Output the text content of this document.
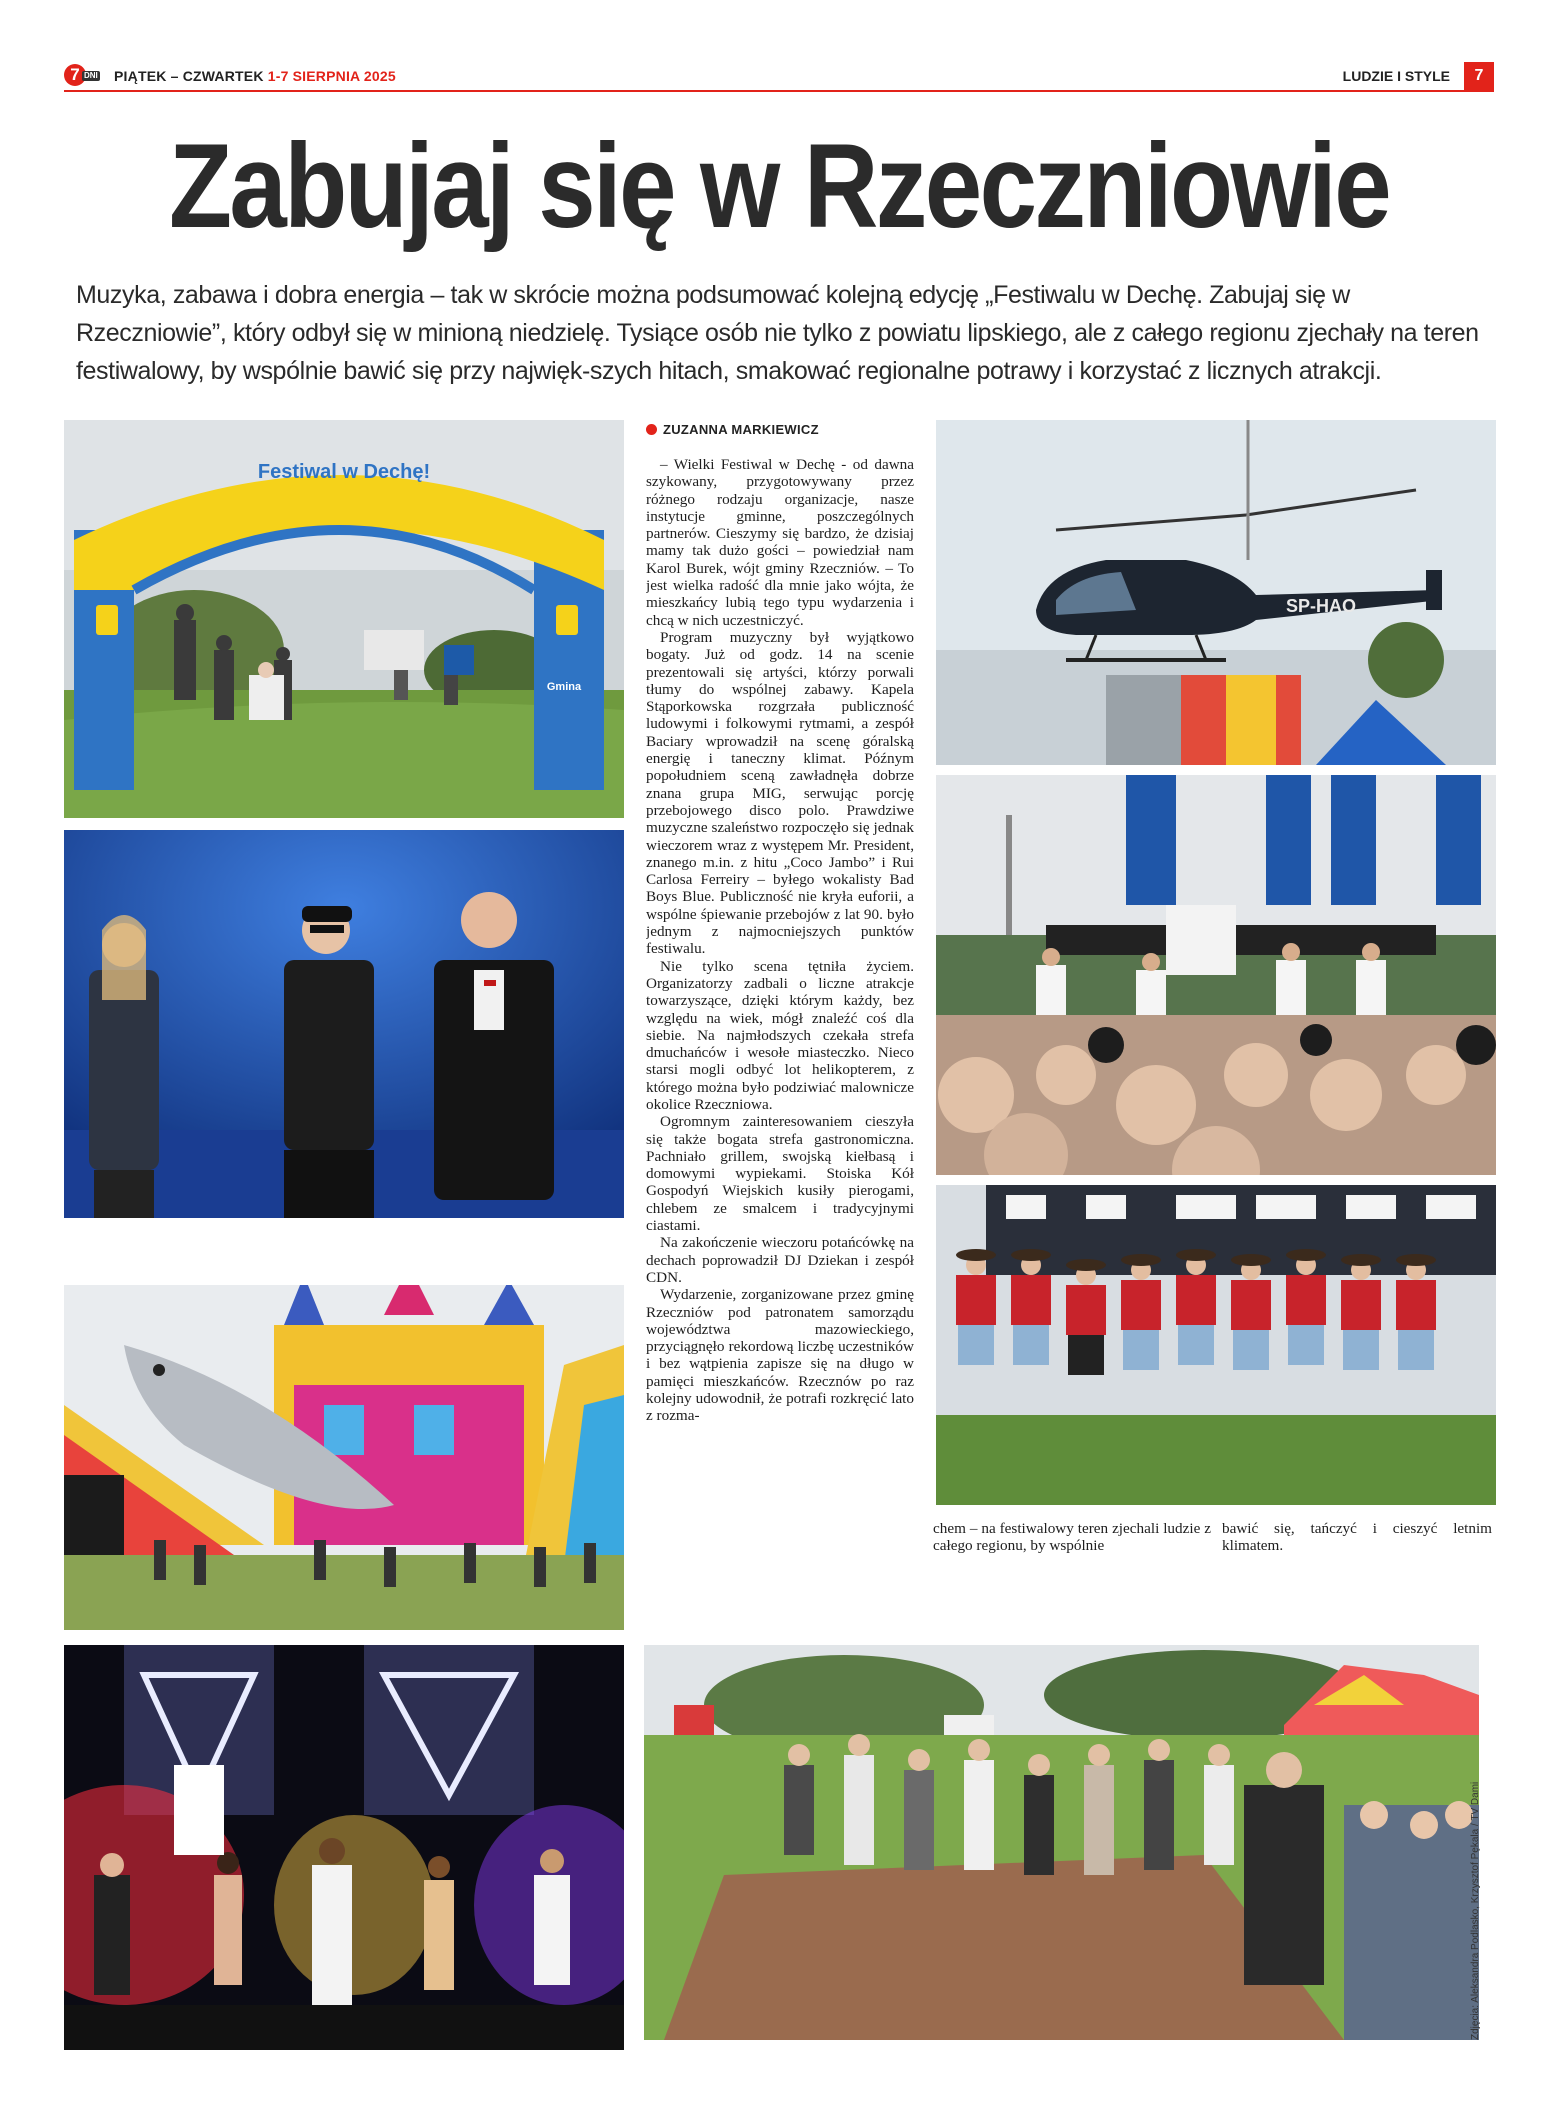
7 DNI PIĄTEK – CZWARTEK 1-7 SIERPNIA 2025	LUDZIE I STYLE	7
Zabujaj się w Rzeczniowie
Muzyka, zabawa i dobra energia – tak w skrócie można podsumować kolejną edycję „Festiwalu w Dechę. Zabujaj się w Rzeczniowie”, który odbył się w minioną niedzielę. Tysiące osób nie tylko z powiatu lipskiego, ale z całego regionu zjechały na teren festiwalowy, by wspólnie bawić się przy najwięk-szych hitach, smakować regionalne potrawy i korzystać z licznych atrakcji.
ZUZANNA MARKIEWICZ

– Wielki Festiwal w Dechę - od dawna szykowany, przygotowywany przez różnego rodzaju organizacje, nasze instytucje gminne, poszczególnych partnerów. Cieszymy się bardzo, że dzisiaj mamy tak dużo gości – powiedział nam Karol Burek, wójt gminy Rzeczniów. – To jest wielka radość dla mnie jako wójta, że mieszkańcy lubią tego typu wydarzenia i chcą w nich uczestniczyć.

Program muzyczny był wyjątkowo bogaty. Już od godz. 14 na scenie prezentowali się artyści, którzy porwali tłumy do wspólnej zabawy. Kapela Stąporkowska rozgrzała publiczność ludowymi i folkowymi rytmami, a zespół Baciary wprowadził na scenę góralską energię i taneczny klimat. Późnym popołudniem sceną zawładnęła dobrze znana grupa MIG, serwując porcję przebojowego disco polo. Prawdziwe muzyczne szaleństwo rozpoczęło się jednak wieczorem wraz z występem Mr. President, znanego m.in. z hitu „Coco Jambo” i Rui Carlosa Ferreiry – byłego wokalisty Bad Boys Blue. Publiczność nie kryła euforii, a wspólne śpiewanie przebojów z lat 90. było jednym z najmocniejszych punktów festiwalu.

Nie tylko scena tętniła życiem. Organizatorzy zadbali o liczne atrakcje towarzyszące, dzięki którym każdy, bez względu na wiek, mógł znaleźć coś dla siebie. Na najmłodszych czekała strefa dmuchańców i wesołe miasteczko. Nieco starsi mogli odbyć lot helikopterem, z którego można było podziwiać malownicze okolice Rzeczniowa.

Ogromnym zainteresowaniem cieszyła się także bogata strefa gastronomiczna. Pachniało grillem, swojską kiełbasą i domowymi wypiekami. Stoiska Kół Gospodyń Wiejskich kusiły pierogami, chlebem ze smalcem i tradycyjnymi ciastami.

Na zakończenie wieczoru potańcówkę na dechach poprowadził DJ Dziekan i zespół CDN.

Wydarzenie, zorganizowane przez gminę Rzeczniów pod patronatem samorządu województwa mazowieckiego, przyciągnęło rekordową liczbę uczestników i bez wątpienia zapisze się na długo w pamięci mieszkańców. Rzecznów po raz kolejny udowodnił, że potrafi rozkręcić lato z rozma-

chem – na festiwalowy teren zjechali ludzie z całego regionu, by wspólnie
bawić się, tańczyć i cieszyć letnim klimatem.
Festiwal w Dechę!
Gmina
SP-HAO
Zdjęcia: Aleksandra Podlasko, Krzysztof Pękala / TV Dami
